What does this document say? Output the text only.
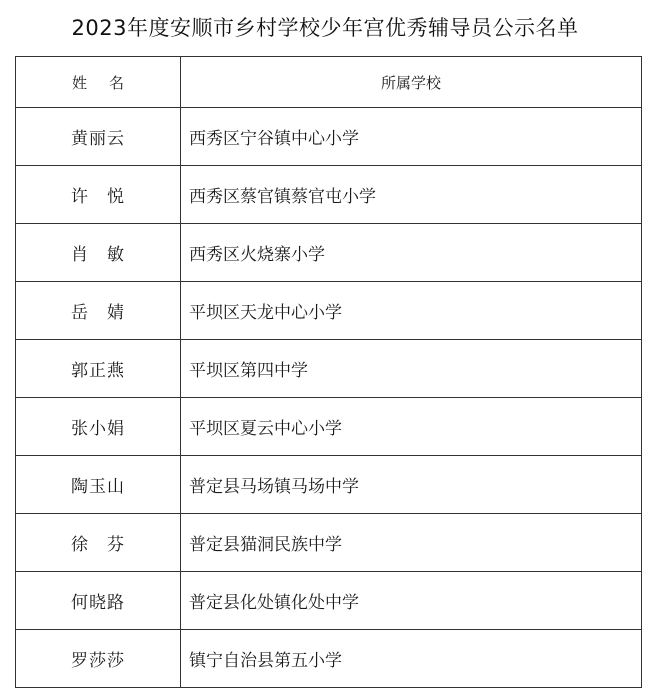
2023年度安顺市乡村学校少年宫优秀辅导员公示名单
姓名	所属学校
黄丽云	西秀区宁谷镇中心小学
许　悦	西秀区蔡官镇蔡官屯小学
肖　敏	西秀区火烧寨小学
岳　婧	平坝区天龙中心小学
郭正燕	平坝区第四中学
张小娟	平坝区夏云中心小学
陶玉山	普定县马场镇马场中学
徐　芬	普定县猫洞民族中学
何晓路	普定县化处镇化处中学
罗莎莎	镇宁自治县第五小学
